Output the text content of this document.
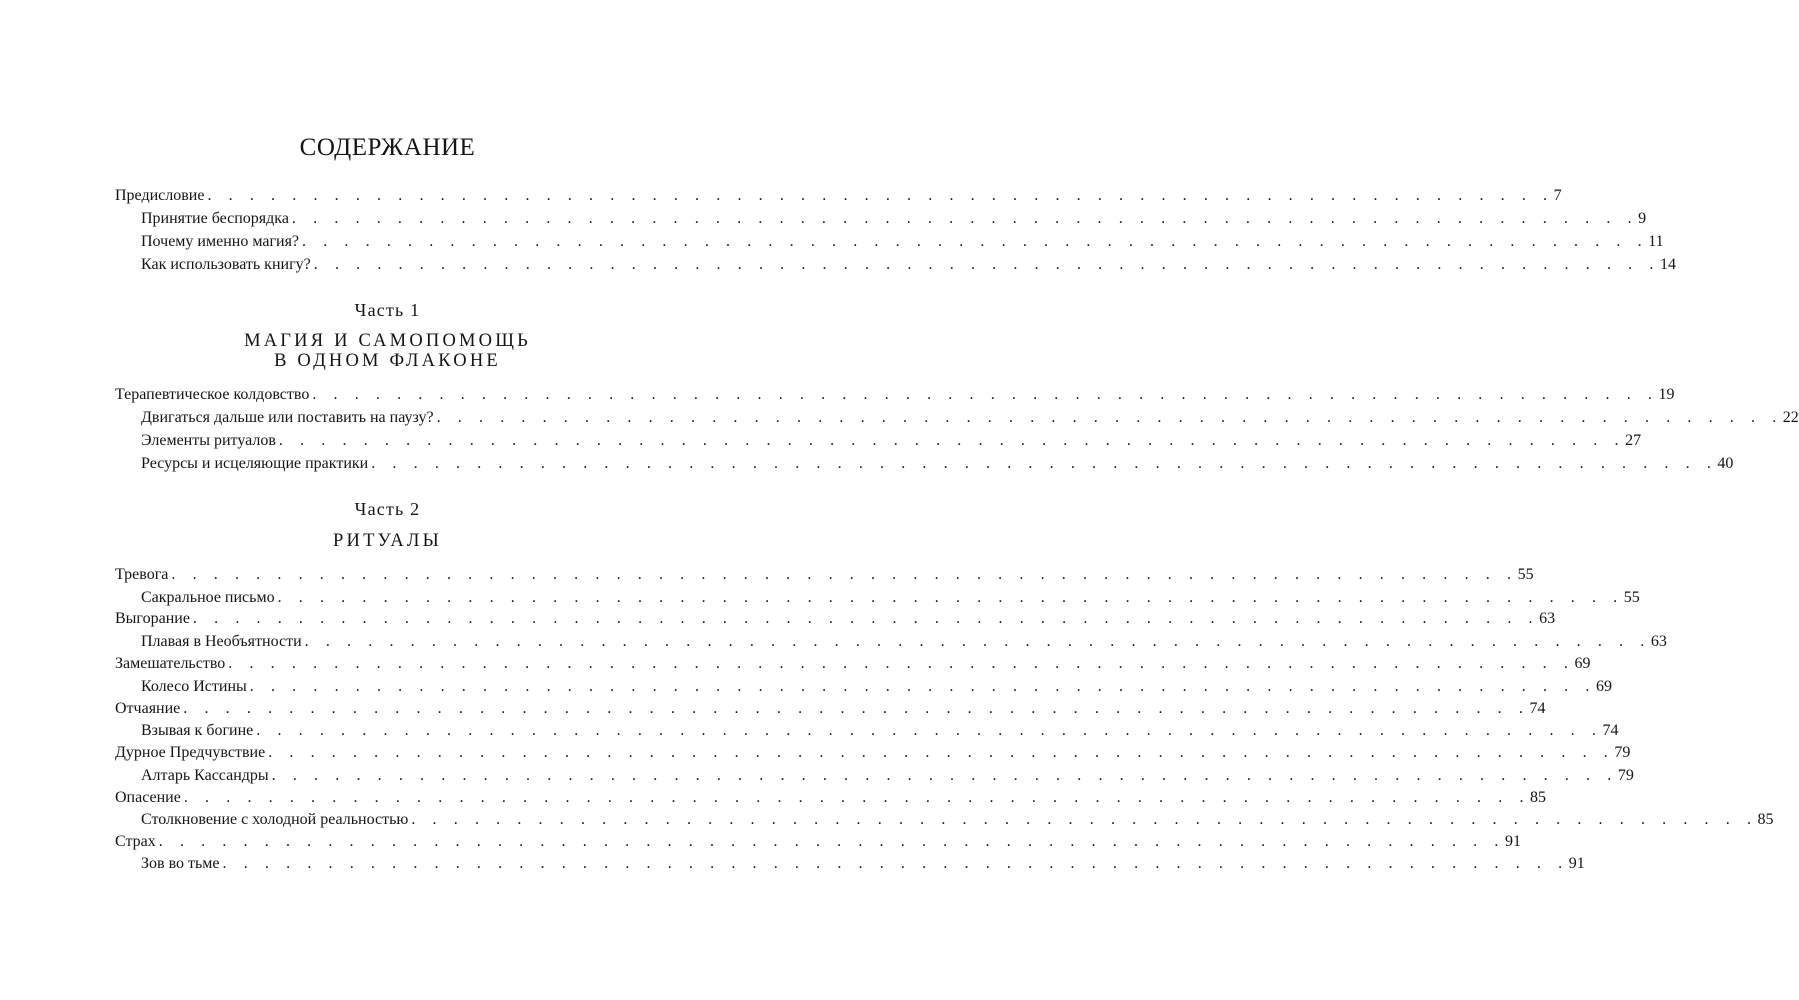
СОДЕРЖАНИЕ
Предисловие . . . . . . . . . . . . . . . . . . . . . . . . . . . . . . . . . . . . . . . . . . . . . . . . . . . . . . . . . . . . . . . . 7
Принятие беспорядка . . . . . . . . . . . . . . . . . . . . . . . . . . . . . . . . . . . . . . . . . . . . . . . . . . . . . . . . . . . . . . . . 9
Почему именно магия? . . . . . . . . . . . . . . . . . . . . . . . . . . . . . . . . . . . . . . . . . . . . . . . . . . . . . . . . . . . . . . . . 11
Как использовать книгу? . . . . . . . . . . . . . . . . . . . . . . . . . . . . . . . . . . . . . . . . . . . . . . . . . . . . . . . . . . . . . . . . 14
Часть 1
МАГИЯ И САМОПОМОЩЬ
В ОДНОМ ФЛАКОНЕ
Терапевтическое колдовство . . . . . . . . . . . . . . . . . . . . . . . . . . . . . . . . . . . . . . . . . . . . . . . . . . . . . . . . . . . . . . . . 19
Двигаться дальше или поставить на паузу? . . . . . . . . . . . . . . . . . . . . . . . . . . . . . . . . . . . . . . . . . . . . . . . . . . . . . . . . . . . . . . . . 22
Элементы ритуалов . . . . . . . . . . . . . . . . . . . . . . . . . . . . . . . . . . . . . . . . . . . . . . . . . . . . . . . . . . . . . . . . 27
Ресурсы и исцеляющие практики . . . . . . . . . . . . . . . . . . . . . . . . . . . . . . . . . . . . . . . . . . . . . . . . . . . . . . . . . . . . . . . . 40
Часть 2
РИТУАЛЫ
Тревога . . . . . . . . . . . . . . . . . . . . . . . . . . . . . . . . . . . . . . . . . . . . . . . . . . . . . . . . . . . . . . . . 55
Сакральное письмо . . . . . . . . . . . . . . . . . . . . . . . . . . . . . . . . . . . . . . . . . . . . . . . . . . . . . . . . . . . . . . . . 55
Выгорание . . . . . . . . . . . . . . . . . . . . . . . . . . . . . . . . . . . . . . . . . . . . . . . . . . . . . . . . . . . . . . . . 63
Плавая в Необъятности . . . . . . . . . . . . . . . . . . . . . . . . . . . . . . . . . . . . . . . . . . . . . . . . . . . . . . . . . . . . . . . . 63
Замешательство . . . . . . . . . . . . . . . . . . . . . . . . . . . . . . . . . . . . . . . . . . . . . . . . . . . . . . . . . . . . . . . . 69
Колесо Истины . . . . . . . . . . . . . . . . . . . . . . . . . . . . . . . . . . . . . . . . . . . . . . . . . . . . . . . . . . . . . . . . 69
Отчаяние . . . . . . . . . . . . . . . . . . . . . . . . . . . . . . . . . . . . . . . . . . . . . . . . . . . . . . . . . . . . . . . . 74
Взывая к богине . . . . . . . . . . . . . . . . . . . . . . . . . . . . . . . . . . . . . . . . . . . . . . . . . . . . . . . . . . . . . . . . 74
Дурное Предчувствие . . . . . . . . . . . . . . . . . . . . . . . . . . . . . . . . . . . . . . . . . . . . . . . . . . . . . . . . . . . . . . . . 79
Алтарь Кассандры . . . . . . . . . . . . . . . . . . . . . . . . . . . . . . . . . . . . . . . . . . . . . . . . . . . . . . . . . . . . . . . . 79
Опасение . . . . . . . . . . . . . . . . . . . . . . . . . . . . . . . . . . . . . . . . . . . . . . . . . . . . . . . . . . . . . . . . 85
Столкновение с холодной реальностью . . . . . . . . . . . . . . . . . . . . . . . . . . . . . . . . . . . . . . . . . . . . . . . . . . . . . . . . . . . . . . . . 85
Страх . . . . . . . . . . . . . . . . . . . . . . . . . . . . . . . . . . . . . . . . . . . . . . . . . . . . . . . . . . . . . . . . 91
Зов во тьме . . . . . . . . . . . . . . . . . . . . . . . . . . . . . . . . . . . . . . . . . . . . . . . . . . . . . . . . . . . . . . . . 91
